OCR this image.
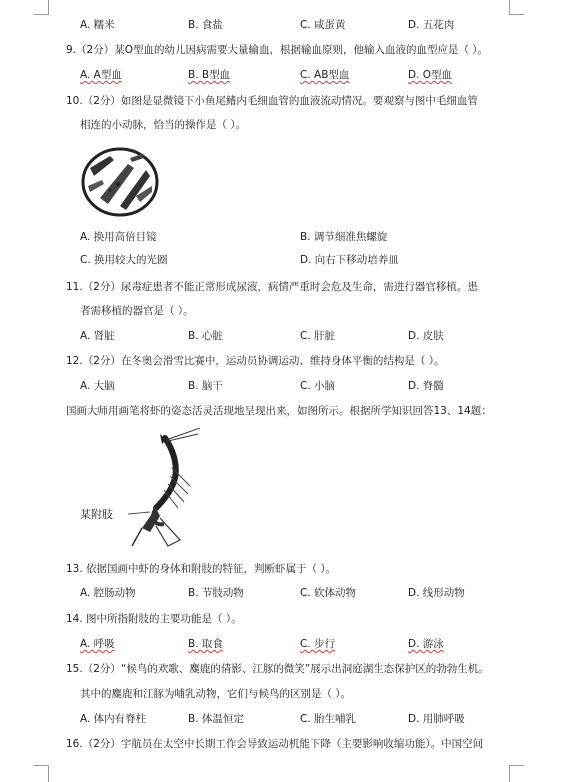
A. 糯米	B. 食盐	C. 咸蛋黄	D. 五花肉
9.（2分）某O型血的幼儿因病需要大量输血，根据输血原则，他输入血液的血型应是（ ）。
A. A型血	B. B型血	C. AB型血	D. O型血
10.（2分）如图是显微镜下小鱼尾鳍内毛细血管的血液流动情况。要观察与图中毛细血管
相连的小动脉，恰当的操作是（ ）。
A. 换用高倍目镜	B. 调节细准焦螺旋
C. 换用较大的光圈	D. 向右下移动培养皿
11.（2分）尿毒症患者不能正常形成尿液，病情严重时会危及生命，需进行器官移植。患
者需移植的器官是（ ）。
A. 肾脏	B. 心脏	C. 肝脏	D. 皮肤
12.（2分）在冬奥会滑雪比赛中，运动员协调运动、维持身体平衡的结构是（ ）。
A. 大脑	B. 脑干	C. 小脑	D. 脊髓
国画大师用画笔将虾的姿态活灵活现地呈现出来，如图所示。根据所学知识回答13、14题：
某附肢
13. 依据国画中虾的身体和附肢的特征，判断虾属于（ ）。
A. 腔肠动物	B. 节肢动物	C. 软体动物	D. 线形动物
14. 图中所指附肢的主要功能是（ ）。
A. 呼吸	B. 取食	C. 步行	D. 游泳
15.（2分）“候鸟的欢歌、麋鹿的倩影、江豚的微笑”展示出洞庭湖生态保护区的勃勃生机。
其中的麋鹿和江豚为哺乳动物，它们与候鸟的区别是（ ）。
A. 体内有脊柱	B. 体温恒定	C. 胎生哺乳	D. 用肺呼吸
16.（2分）宇航员在太空中长期工作会导致运动机能下降（主要影响收缩功能）。中国空间
